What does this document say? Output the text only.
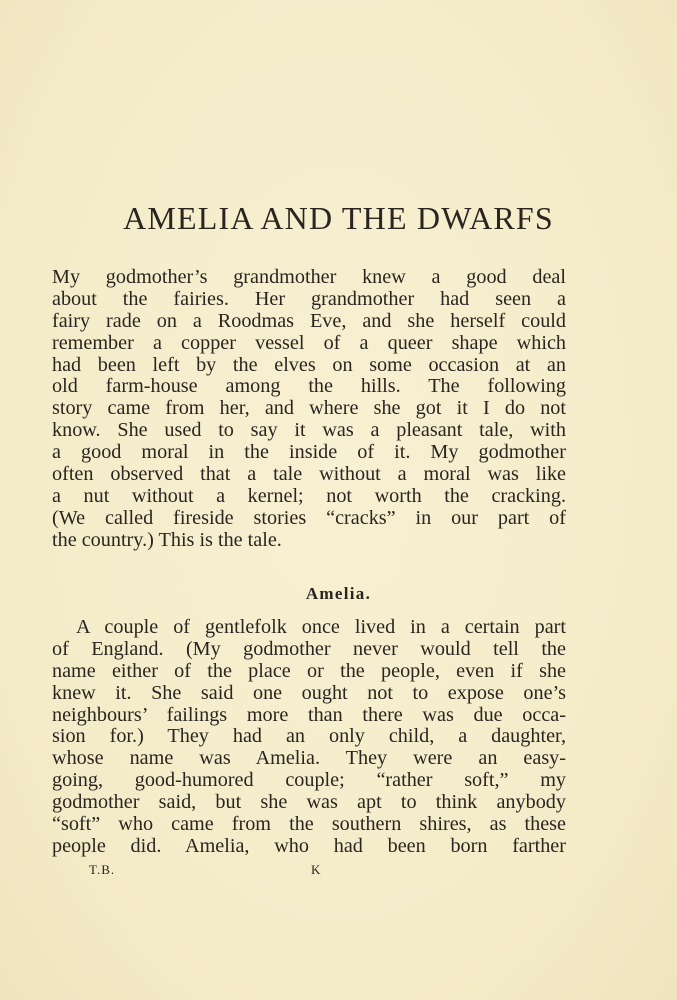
AMELIA AND THE DWARFS
My godmother’s grandmother knew a good deal
about the fairies. Her grandmother had seen a
fairy rade on a Roodmas Eve, and she herself could
remember a copper vessel of a queer shape which
had been left by the elves on some occasion at an
old farm-house among the hills. The following
story came from her, and where she got it I do not
know. She used to say it was a pleasant tale, with
a good moral in the inside of it. My godmother
often observed that a tale without a moral was like
a nut without a kernel; not worth the cracking.
(We called fireside stories “cracks” in our part of
the country.) This is the tale.
Amelia.
A couple of gentlefolk once lived in a certain part
of England. (My godmother never would tell the
name either of the place or the people, even if she
knew it. She said one ought not to expose one’s
neighbours’ failings more than there was due occa-
sion for.) They had an only child, a daughter,
whose name was Amelia. They were an easy-
going, good-humored couple; “rather soft,” my
godmother said, but she was apt to think anybody
“soft” who came from the southern shires, as these
people did. Amelia, who had been born farther
T.B.	K
